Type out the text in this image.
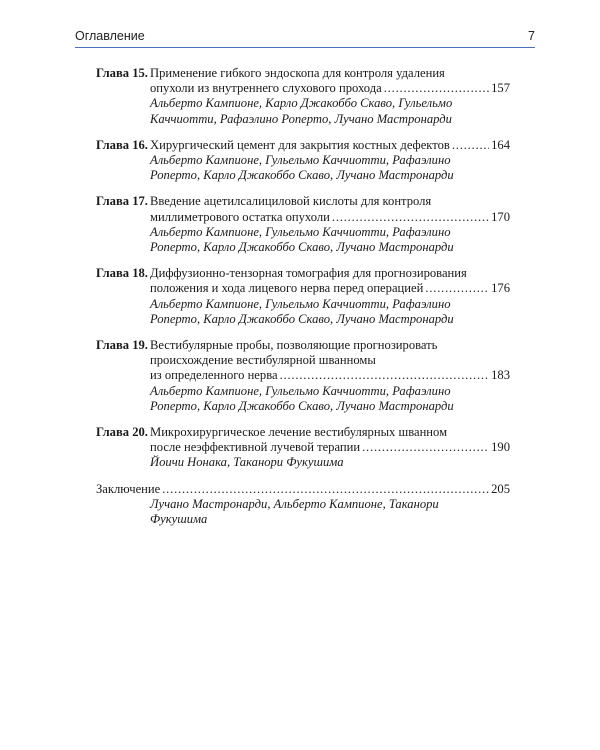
Оглавление	7
Глава 15. Применение гибкого эндоскопа для контроля удаления
опухоли из внутреннего слухового прохода .....	157
Альберто Кампионе, Карло Джакоббо Скаво, Гульельмо
Каччиотти, Рафаэлино Роперто, Лучано Мастронарди
Глава 16. Хирургический цемент для закрытия костных дефектов .....	164
Альберто Кампионе, Гульельмо Каччиотти, Рафаэлино
Роперто, Карло Джакоббо Скаво, Лучано Мастронарди
Глава 17. Введение ацетилсалициловой кислоты для контроля
миллиметрового остатка опухоли .....	170
Альберто Кампионе, Гульельмо Каччиотти, Рафаэлино
Роперто, Карло Джакоббо Скаво, Лучано Мастронарди
Глава 18. Диффузионно-тензорная томография для прогнозирования
положения и хода лицевого нерва перед операцией .....	176
Альберто Кампионе, Гульельмо Каччиотти, Рафаэлино
Роперто, Карло Джакоббо Скаво, Лучано Мастронарди
Глава 19. Вестибулярные пробы, позволяющие прогнозировать
происхождение вестибулярной шванномы
из определенного нерва .....	183
Альберто Кампионе, Гульельмо Каччиотти, Рафаэлино
Роперто, Карло Джакоббо Скаво, Лучано Мастронарди
Глава 20. Микрохирургическое лечение вестибулярных шванном
после неэффективной лучевой терапии .....	190
Йоичи Нонака, Таканори Фукушима
Заключение .....	205
Лучано Мастронарди, Альберто Кампионе, Таканори
Фукушима
